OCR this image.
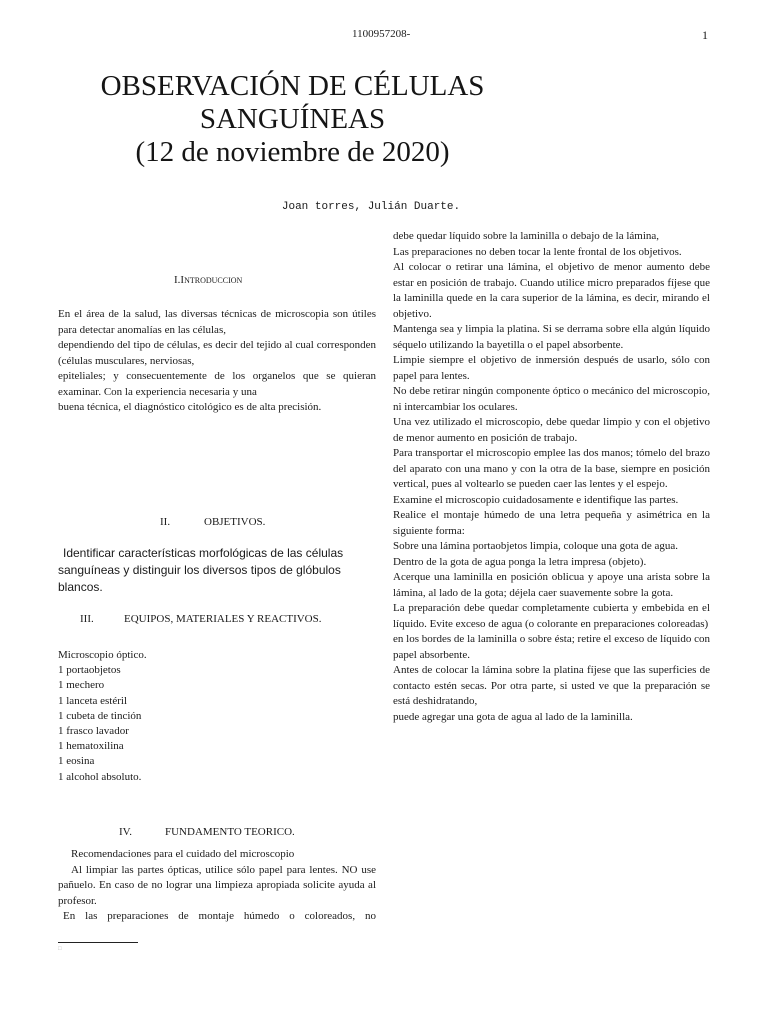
1100957208-	1
OBSERVACIÓN DE CÉLULAS
SANGUÍNEAS
(12 de noviembre de 2020)
Joan torres, Julián Duarte.
I.Introduccion

En el área de la salud, las diversas técnicas de microscopia son útiles para detectar anomalías en las células,

dependiendo del tipo de células, es decir del tejido al cual corresponden (células musculares, nerviosas,

epiteliales; y consecuentemente de los organelos que se quieran examinar. Con la experiencia necesaria y una

buena técnica, el diagnóstico citológico es de alta precisión.

II.	OBJETIVOS.
Identificar características morfológicas de las células sanguíneas y distinguir los diversos tipos de glóbulos blancos.
III.	EQUIPOS, MATERIALES Y REACTIVOS.
Microscopio óptico.
1 portaobjetos
1 mechero
1 lanceta estéril
1 cubeta de tinción
1 frasco lavador
1 hematoxilina
1 eosina
1 alcohol absoluto.
IV.	FUNDAMENTO TEORICO.

Recomendaciones para el cuidado del microscopio

Al limpiar las partes ópticas, utilice sólo papel para lentes. NO use pañuelo. En caso de no lograr una limpieza apropiada solicite ayuda al profesor.

En las preparaciones de montaje húmedo o coloreados, no

debe quedar líquido sobre la laminilla o debajo de la lámina,

Las preparaciones no deben tocar la lente frontal de los objetivos.

Al colocar o retirar una lámina, el objetivo de menor aumento debe estar en posición de trabajo. Cuando utilice micro preparados fíjese que la laminilla quede en la cara superior de la lámina, es decir, mirando el objetivo.

Mantenga sea y limpia la platina. Si se derrama sobre ella algún líquido séquelo utilizando la bayetilla o el papel absorbente.

Limpie siempre el objetivo de inmersión después de usarlo, sólo con papel para lentes.

No debe retirar ningún componente óptico o mecánico del microscopio, ni intercambiar los oculares.

Una vez utilizado el microscopio, debe quedar limpio y con el objetivo de menor aumento en posición de trabajo.

Para transportar el microscopio emplee las dos manos; tómelo del brazo del aparato con una mano y con la otra de la base, siempre en posición vertical, pues al voltearlo se pueden caer las lentes y el espejo.

Examine el microscopio cuidadosamente e identifique las partes.

Realice el montaje húmedo de una letra pequeña y asimétrica en la siguiente forma:

Sobre una lámina portaobjetos limpia, coloque una gota de agua.

Dentro de la gota de agua ponga la letra impresa (objeto).

Acerque una laminilla en posición oblicua y apoye una arista sobre la lámina, al lado de la gota; déjela caer suavemente sobre la gota.

La preparación debe quedar completamente cubierta y embebida en el líquido. Evite exceso de agua (o colorante en preparaciones coloreadas)

en los bordes de la laminilla o sobre ésta; retire el exceso de líquido con papel absorbente.

Antes de colocar la lámina sobre la platina fíjese que las superficies de contacto estén secas. Por otra parte, si usted ve que la preparación se está deshidratando,

puede agregar una gota de agua al lado de la laminilla.

□
